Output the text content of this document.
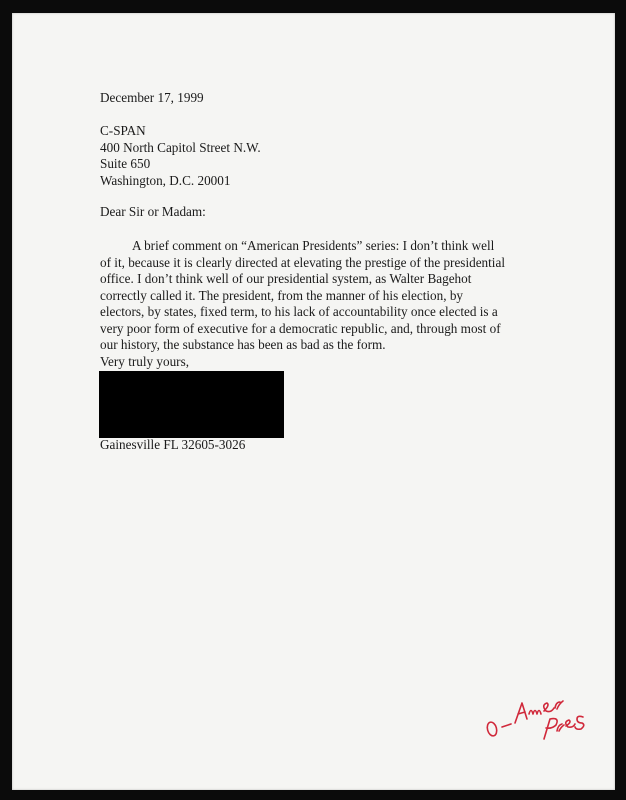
December 17, 1999
C-SPAN
400 North Capitol Street N.W.
Suite 650
Washington, D.C. 20001
Dear Sir or Madam:
A brief comment on “American Presidents” series: I don’t think well
of it, because it is clearly directed at elevating the prestige of the presidential
office. I don’t think well of our presidential system, as Walter Bagehot
correctly called it. The president, from the manner of his election, by
electors, by states, fixed term, to his lack of accountability once elected is a
very poor form of executive for a democratic republic, and, through most of
our history, the substance has been as bad as the form.
Very truly yours,
Gainesville FL 32605-3026
